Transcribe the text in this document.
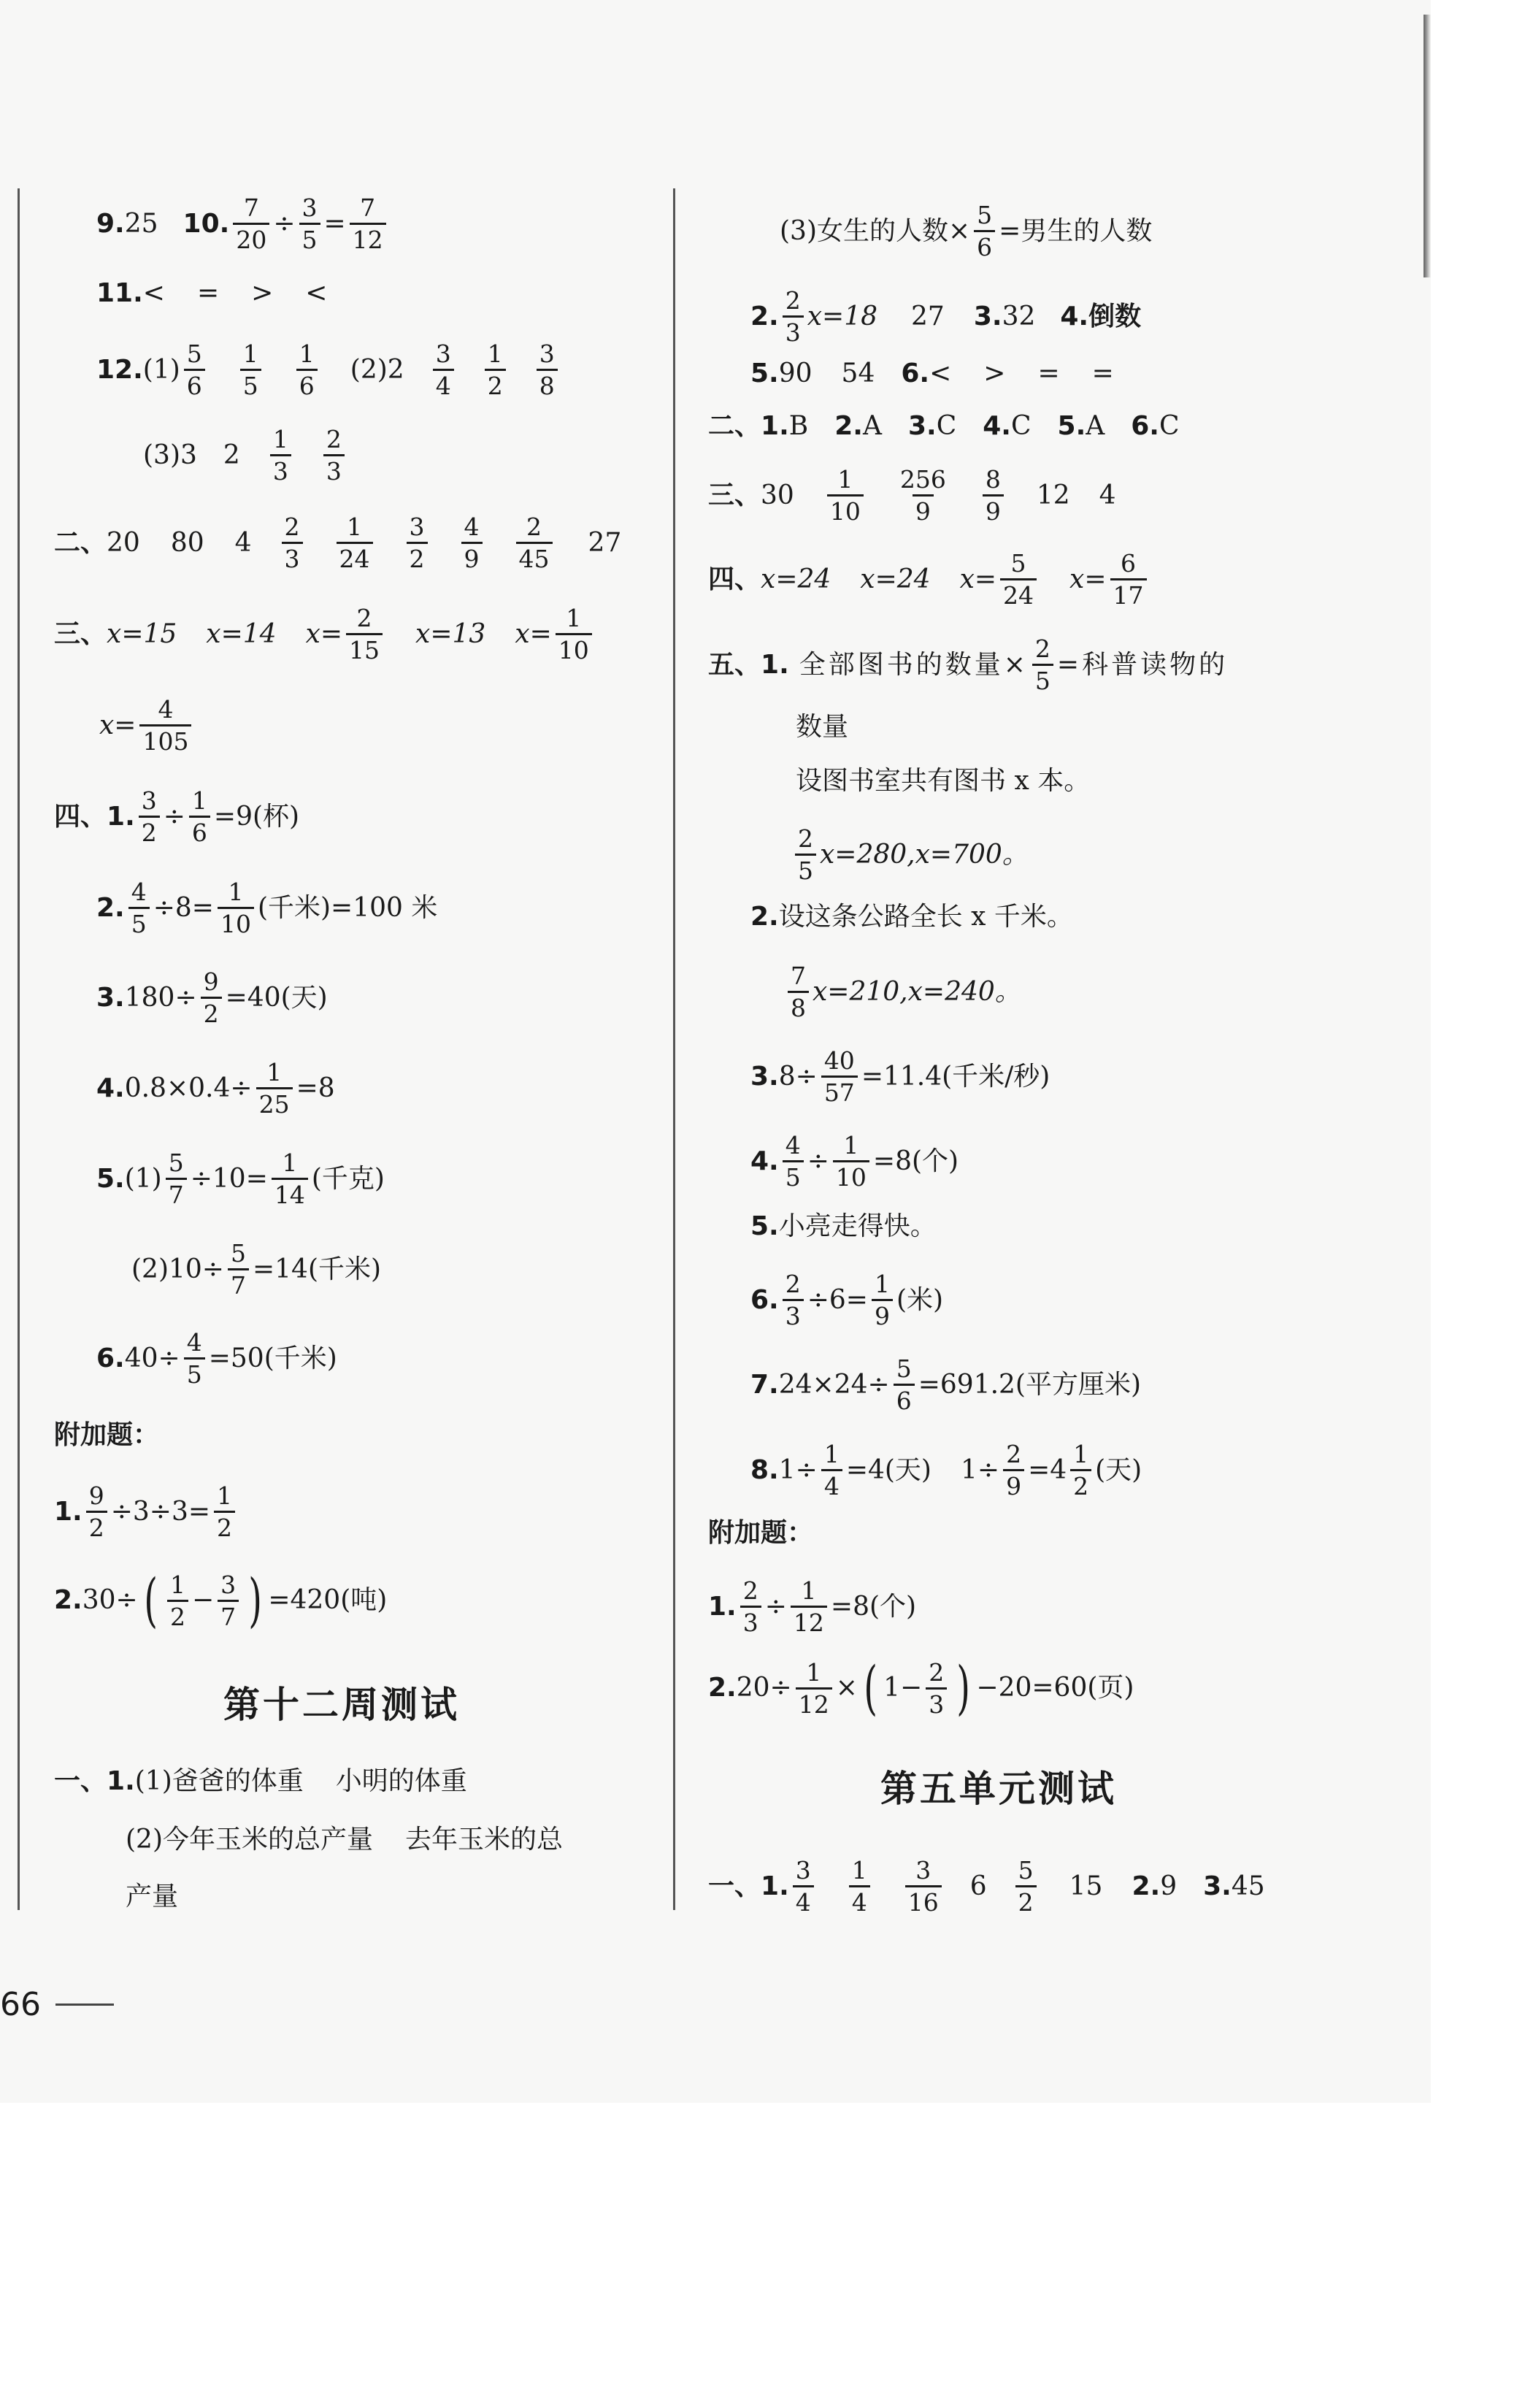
9. 25 10. $\frac{7}{20} \div \frac{3}{5} = \frac{7}{12}$
11. < = > <
12. $(1) \frac{5}{6} \frac{1}{5} \frac{1}{6} (2)2 \frac{3}{4} \frac{1}{2} \frac{3}{8}$
(3)3 $2 \frac{1}{3} \frac{2}{3}$
二、 20 80 $4 \frac{2}{3} \frac{1}{24} \frac{3}{2} \frac{4}{9} \frac{2}{45} 27$
三、 x=15 x=14 $x= \frac{2}{15} x=13$ $x= \frac{1}{10}$
$x= \frac{4}{105}$
四、 1. $\frac{3}{2} \div \frac{1}{6} =9$(杯)
2. $\frac{4}{5} \div 8= \frac{1}{10}$ (千米)=100 米
3. $180\div \frac{9}{2} =40$(天)
4. $0.8\times 0.4\div \frac{1}{25} =8$
5. $(1) \frac{5}{7} \div 10= \frac{1}{14}$ (千克)
$(2)10\div \frac{5}{7} =14$(千米)
6. $40\div \frac{4}{5} =50$(千米)
附加题：
1. $\frac{9}{2} \div 3\div 3= \frac{1}{2}$
2. 30÷ ( $\frac{1}{2} - \frac{3}{7}$ ) =420(吨)
第十二周测试
一、 1. (1)爸爸的体重 小明的体重
(2)今年玉米的总产量 去年玉米的总
产量
(3)女生的人数× $\frac{5}{6}$ =男生的人数
2. $\frac{2}{3} x=18$ 27 3. 32 4. 倒数
5. 90 54 6. < > = =
二、 1. B 2. A 3. C 4. C 5. A 6. C
三、 $30 \frac{1}{10} \frac{256}{9} \frac{8}{9} 12$ 4
四、 x=24 x=24 $x= \frac{5}{24} x= \frac{6}{17}$
五、 1. 全部图书的数量× $\frac{2}{5}$ =科普读物的
数量
设图书室共有图书 x 本。
$\frac{2}{5} x=280,x=700$。
2. 设这条公路全长 x 千米。
$\frac{7}{8} x=210,x=240$。
3. $8\div \frac{40}{57} =11.4$(千米/秒)
4. $\frac{4}{5} \div \frac{1}{10} =8$(个)
5. 小亮走得快。
6. $\frac{2}{3} \div 6= \frac{1}{9}$ (米)
7. $24\times 24\div \frac{5}{6} =691.2$(平方厘米)
8. $1\div \frac{1}{4} =4$(天) $1\div \frac{2}{9} =4 \frac{1}{2}$ (天)
附加题：
1. $\frac{2}{3} \div \frac{1}{12} =8$(个)
2. $20\div \frac{1}{12}$ × ( $1- \frac{2}{3}$ ) −20=60(页)
第五单元测试
一、 1. $\frac{3}{4} \frac{1}{4} \frac{3}{16} 6 \frac{5}{2} 15$ 2. 9 3. 45
66
